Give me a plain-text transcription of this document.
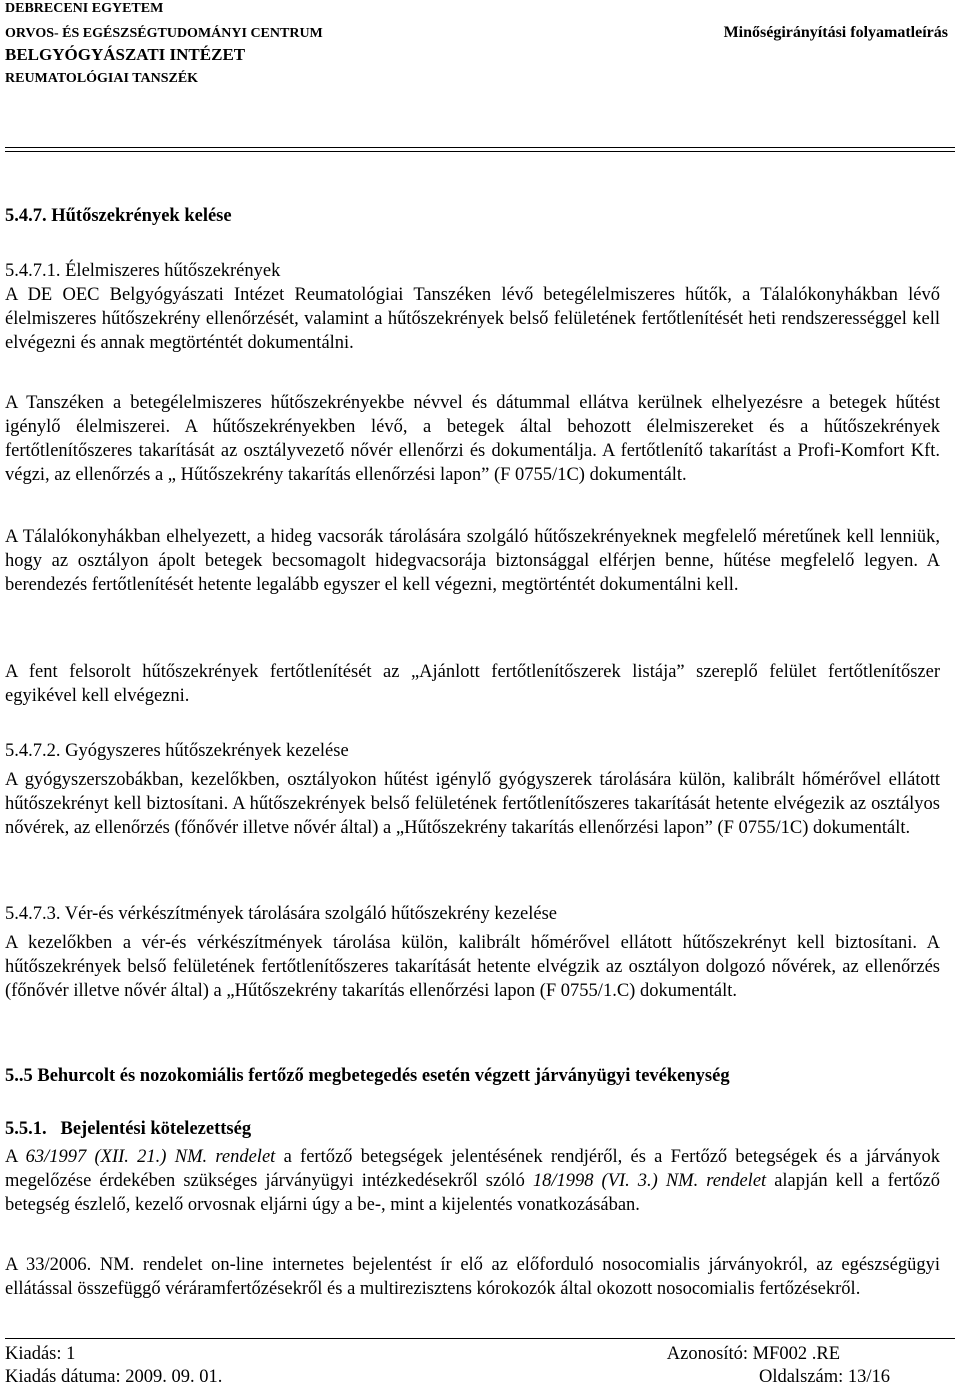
DEBRECENI EGYETEM
ORVOS- ÉS EGÉSZSÉGTUDOMÁNYI CENTRUM	Minőségirányítási folyamatleírás
BELGYÓGYÁSZATI INTÉZET
REUMATOLÓGIAI TANSZÉK
5.4.7. Hűtőszekrények kelése
5.4.7.1. Élelmiszeres hűtőszekrények
A DE OEC Belgyógyászati Intézet Reumatológiai Tanszéken lévő betegélelmiszeres hűtők, a Tálalókonyhákban lévő élelmiszeres hűtőszekrény ellenőrzését, valamint a hűtőszekrények belső felületének fertőtlenítését heti rendszerességgel kell elvégezni és annak megtörténtét dokumentálni.
A Tanszéken a betegélelmiszeres hűtőszekrényekbe névvel és dátummal ellátva kerülnek elhelyezésre a betegek hűtést igénylő élelmiszerei. A hűtőszekrényekben lévő, a betegek által behozott élelmiszereket és a hűtőszekrények fertőtlenítőszeres takarítását az osztályvezető nővér ellenőrzi és dokumentálja. A fertőtlenítő takarítást a Profi-Komfort Kft. végzi, az ellenőrzés a „ Hűtőszekrény takarítás ellenőrzési lapon” (F 0755/1C) dokumentált.
A Tálalókonyhákban elhelyezett, a hideg vacsorák tárolására szolgáló hűtőszekrényeknek megfelelő méretűnek kell lenniük, hogy az osztályon ápolt betegek becsomagolt hidegvacsorája biztonsággal elférjen benne, hűtése megfelelő legyen. A berendezés fertőtlenítését hetente legalább egyszer el kell végezni, megtörténtét dokumentálni kell.
A fent felsorolt hűtőszekrények fertőtlenítését az „Ajánlott fertőtlenítőszerek listája” szereplő felület fertőtlenítőszer egyikével kell elvégezni.
5.4.7.2. Gyógyszeres hűtőszekrények kezelése
A gyógyszerszobákban, kezelőkben, osztályokon hűtést igénylő gyógyszerek tárolására külön, kalibrált hőmérővel ellátott hűtőszekrényt kell biztosítani. A hűtőszekrények belső felületének fertőtlenítőszeres takarítását hetente elvégezik az osztályos nővérek, az ellenőrzés (főnővér illetve nővér által) a „Hűtőszekrény takarítás ellenőrzési lapon” (F 0755/1C) dokumentált.
5.4.7.3. Vér-és vérkészítmények tárolására szolgáló hűtőszekrény kezelése
A kezelőkben a vér-és vérkészítmények tárolása külön, kalibrált hőmérővel ellátott hűtőszekrényt kell biztosítani. A hűtőszekrények belső felületének fertőtlenítőszeres takarítását hetente elvégzik az osztályon dolgozó nővérek, az ellenőrzés (főnővér illetve nővér által) a „Hűtőszekrény takarítás ellenőrzési lapon (F 0755/1.C) dokumentált.
5..5 Behurcolt és nozokomiális fertőző megbetegedés esetén végzett járványügyi tevékenység
5.5.1.   Bejelentési kötelezettség
A 63/1997 (XII. 21.) NM. rendelet a fertőző betegségek jelentésének rendjéről, és a Fertőző betegségek és a járványok megelőzése érdekében szükséges járványügyi intézkedésekről szóló 18/1998 (VI. 3.) NM. rendelet alapján kell a fertőző betegség észlelő, kezelő orvosnak eljárni úgy a be-, mint a kijelentés vonatkozásában.
A 33/2006. NM. rendelet on-line internetes bejelentést ír elő az előforduló nosocomialis járványokról, az egészségügyi ellátással összefüggő véráramfertőzésekről és a multirezisztens kórokozók által okozott nosocomialis fertőzésekről.
Kiadás: 1	Azonosító: MF002 .RE
Kiadás dátuma: 2009. 09. 01.	Oldalszám: 13/16
